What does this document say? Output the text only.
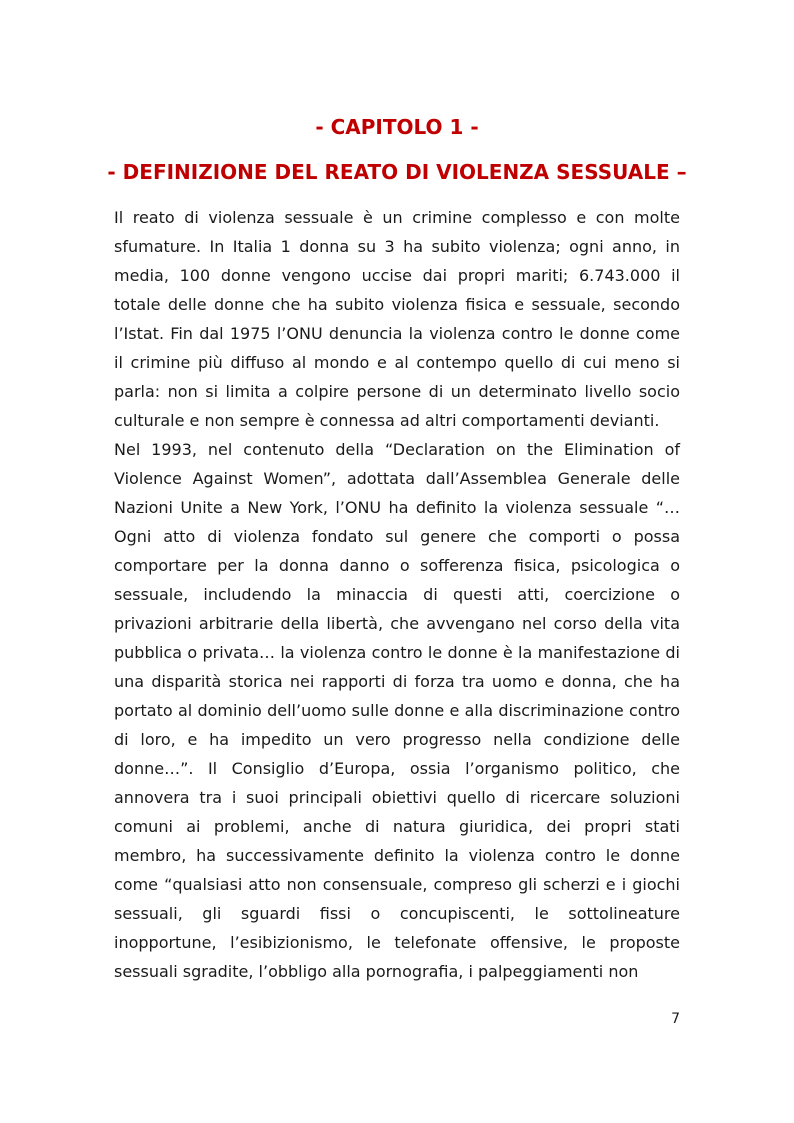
- CAPITOLO 1 -
- DEFINIZIONE DEL REATO DI VIOLENZA SESSUALE –

Il reato di violenza sessuale è un crimine complesso e con molte sfumature. In Italia 1 donna su 3 ha subito violenza; ogni anno, in media, 100 donne vengono uccise dai propri mariti; 6.743.000 il totale delle donne che ha subito violenza fisica e sessuale, secondo l’Istat. Fin dal 1975 l’ONU denuncia la violenza contro le donne come il crimine più diffuso al mondo e al contempo quello di cui meno si parla: non si limita a colpire persone di un determinato livello socio culturale e non sempre è connessa ad altri comportamenti devianti.

Nel 1993, nel contenuto della “Declaration on the Elimination of Violence Against Women”, adottata dall’Assemblea Generale delle Nazioni Unite a New York, l’ONU ha definito la violenza sessuale “… Ogni atto di violenza fondato sul genere che comporti o possa comportare per la donna danno o sofferenza fisica, psicologica o sessuale, includendo la minaccia di questi atti, coercizione o privazioni arbitrarie della libertà, che avvengano nel corso della vita pubblica o privata… la violenza contro le donne è la manifestazione di una disparità storica nei rapporti di forza tra uomo e donna, che ha portato al dominio dell’uomo sulle donne e alla discriminazione contro di loro, e ha impedito un vero progresso nella condizione delle donne…”. Il Consiglio d’Europa, ossia l’organismo politico, che annovera tra i suoi principali obiettivi quello di ricercare soluzioni comuni ai problemi, anche di natura giuridica, dei propri stati membro, ha successivamente definito la violenza contro le donne come “qualsiasi atto non consensuale, compreso gli scherzi e i giochi sessuali, gli sguardi fissi o concupiscenti, le sottolineature inopportune, l’esibizionismo, le telefonate offensive, le proposte sessuali sgradite, l’obbligo alla pornografia, i palpeggiamenti non

7
